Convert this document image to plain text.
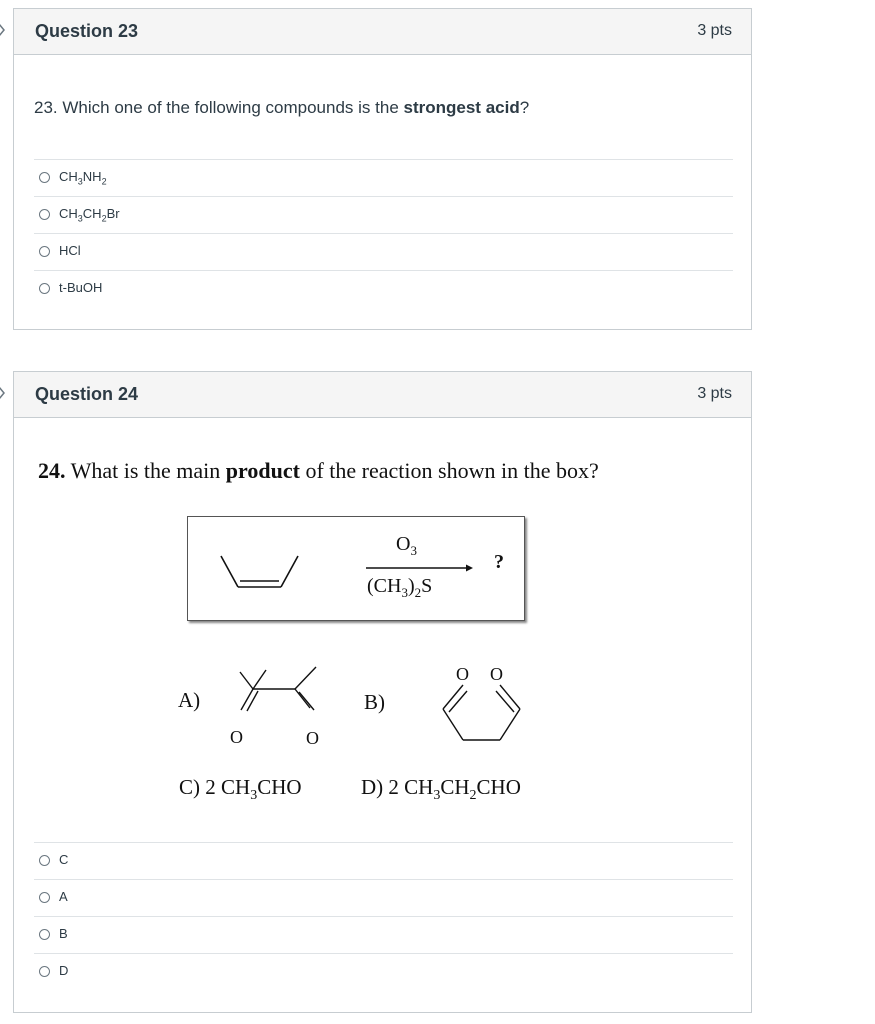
Question 23	3 pts
23. Which one of the following compounds is the strongest acid?
$CH_3NH_2$
$CH_3CH_2Br$
HCl
t-BuOH
Question 24	3 pts
24. What is the main product of the reaction shown in the box?
$O_3$
$(CH_3)_2S$
?
A)
O	O
B)
O O
C) 2 $CH_3CHO$	D) 2 $CH_3CH_2CHO$
C
A
B
D
